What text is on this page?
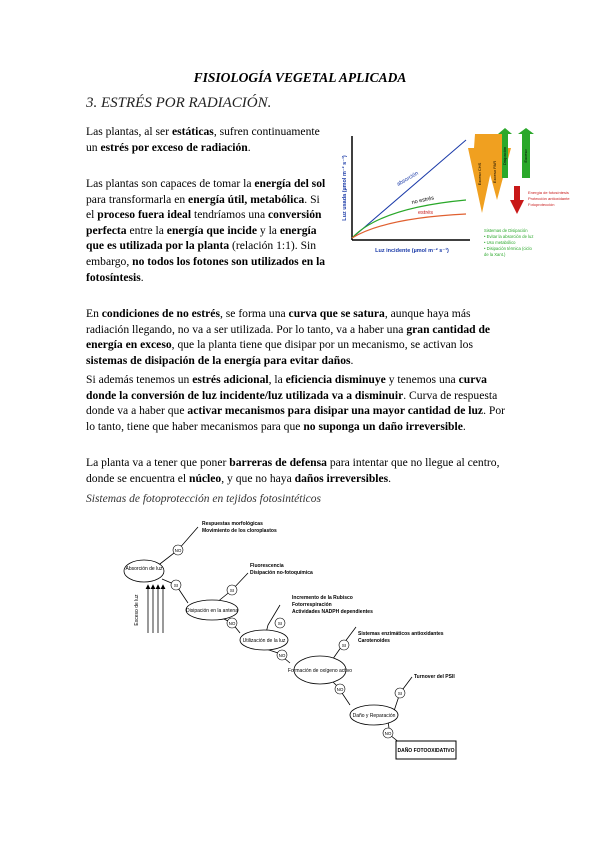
FISIOLOGÍA VEGETAL APLICADA
3. ESTRÉS POR RADIACIÓN.
Las plantas, al ser estáticas, sufren continuamente un estrés por exceso de radiación.
Las plantas son capaces de tomar la energía del sol para transformarla en energía útil, metabólica. Si el proceso fuera ideal tendríamos una conversión perfecta entre la energía que incide y la energía que es utilizada por la planta (relación 1:1). Sin embargo, no todos los fotones son utilizados en la fotosíntesis.
En condiciones de no estrés, se forma una curva que se satura, aunque haya más radiación llegando, no va a ser utilizada. Por lo tanto, va a haber una gran cantidad de energía en exceso, que la planta tiene que disipar por un mecanismo, se activan los sistemas de disipación de la energía para evitar daños.
Si además tenemos un estrés adicional, la eficiencia disminuye y tenemos una curva donde la conversión de luz incidente/luz utilizada va a disminuir. Curva de respuesta donde va a haber que activar mecanismos para disipar una mayor cantidad de luz. Por lo tanto, tiene que haber mecanismos para que no suponga un daño irreversible.
La planta va a tener que poner barreras de defensa para intentar que no llegue al centro, donde se encuentra el núcleo, y que no haya daños irreversibles.
Sistemas de fotoprotección en tejidos fotosintéticos
Luz usada (µmol m⁻² s⁻¹)
Luz incidente (µmol m⁻² s⁻¹)
absorción
no estrés
estrés
Exceso CHS	Exceso PAR
Disipación	Exceso
Energía de fotosíntesis
Protección antioxidante
Fotoprotección
Sistemas de Disipación
• Evitar la absorción de luz
• Uso metabólico
• Disipación térmica (ciclo
de la Xant.)
Absorción de luz
Disipación en la antena
Utilización de la luz
Formación de oxígeno activo
Daño y Reparación
DAÑO FOTOOXIDATIVO
NO
SI
SI
NO	SI
NO
SI
NO
SI
NO
Respuestas morfológicas
Movimiento de los cloroplastos
Fluorescencia
Disipación no-fotoquímica
Incremento de la Rubisco
Fotorrespiración
Actividades NADPH dependientes
Sistemas enzimáticos antioxidantes
Carotenoides
Turnover del PSII
Exceso de luz
